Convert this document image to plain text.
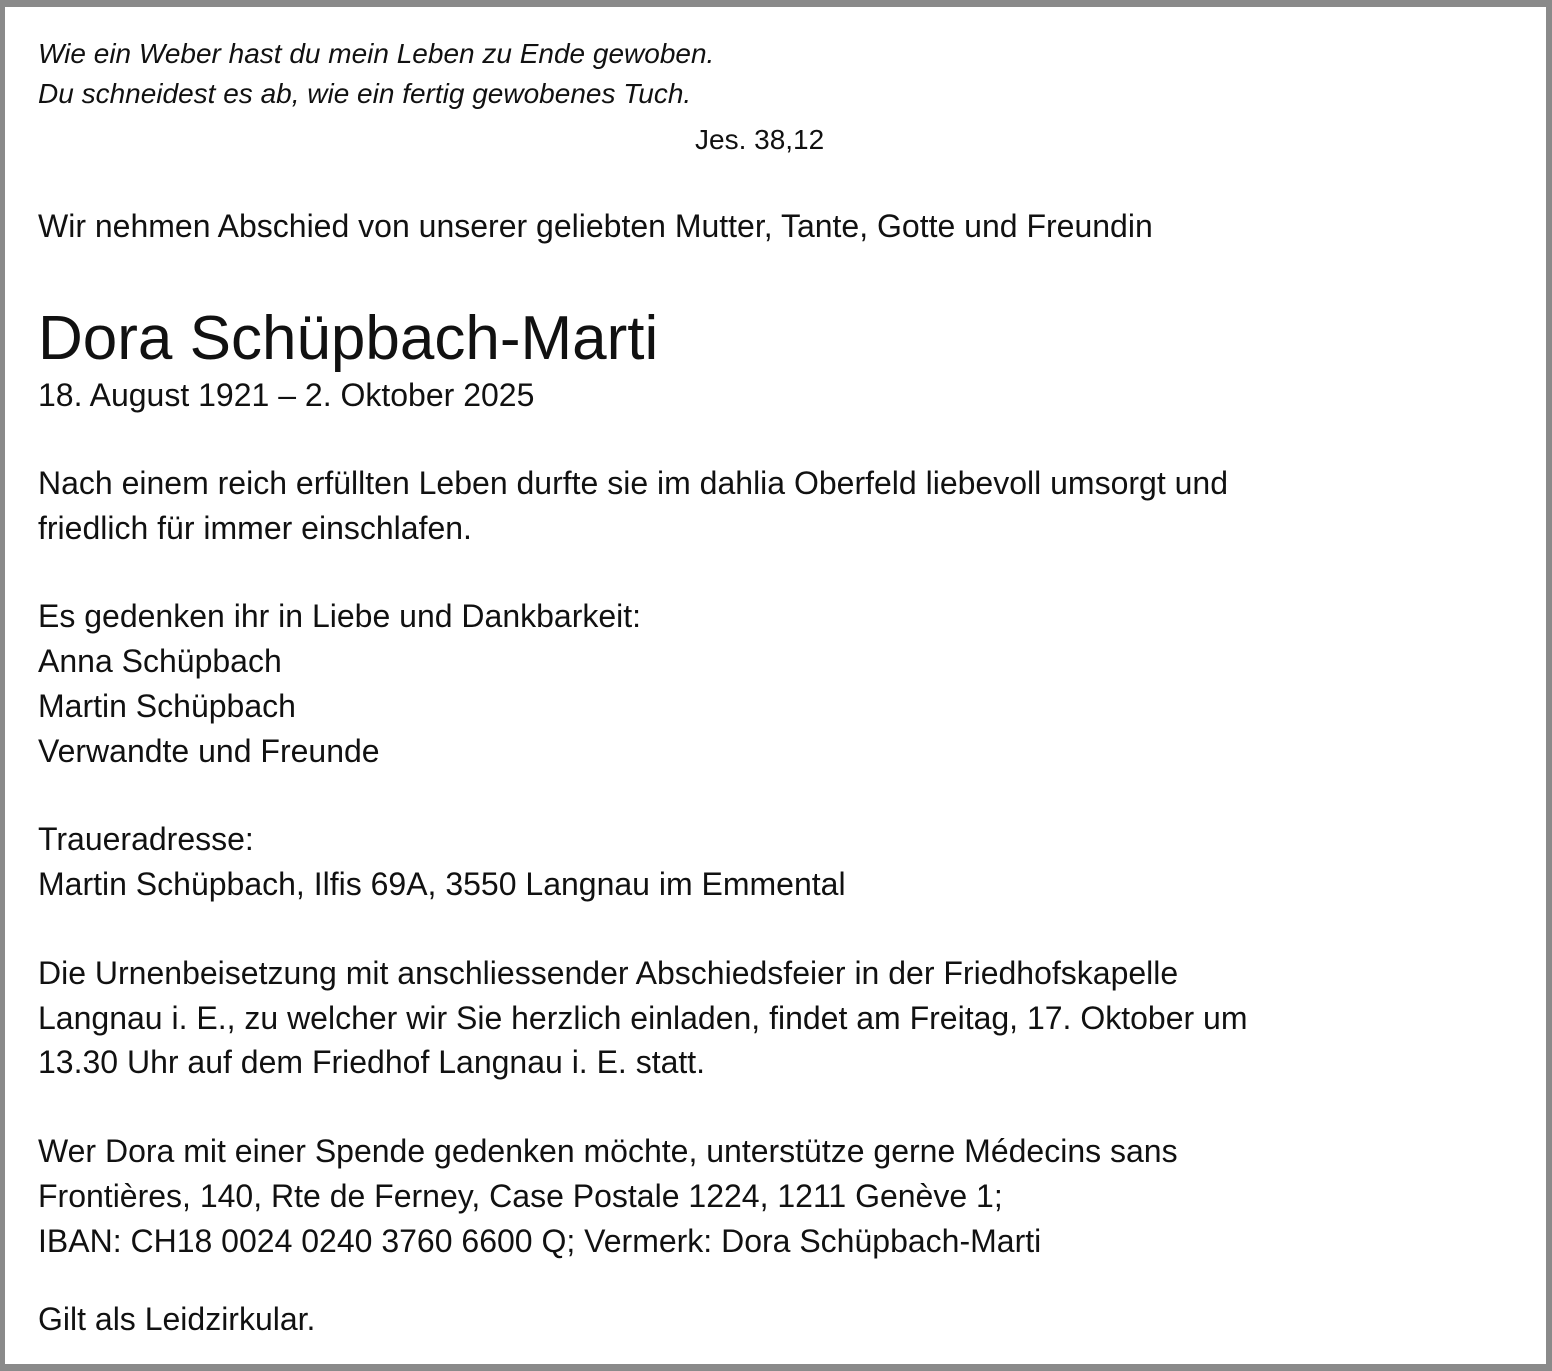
Wie ein Weber hast du mein Leben zu Ende gewoben.
Du schneidest es ab, wie ein fertig gewobenes Tuch.
Jes. 38,12
Wir nehmen Abschied von unserer geliebten Mutter, Tante, Gotte und Freundin
Dora Schüpbach-Marti
18. August 1921 – 2. Oktober 2025
Nach einem reich erfüllten Leben durfte sie im dahlia Oberfeld liebevoll umsorgt und
friedlich für immer einschlafen.
Es gedenken ihr in Liebe und Dankbarkeit:
Anna Schüpbach
Martin Schüpbach
Verwandte und Freunde
Traueradresse:
Martin Schüpbach, Ilfis 69A, 3550 Langnau im Emmental
Die Urnenbeisetzung mit anschliessender Abschiedsfeier in der Friedhofskapelle
Langnau i. E., zu welcher wir Sie herzlich einladen, findet am Freitag, 17. Oktober um
13.30 Uhr auf dem Friedhof Langnau i. E. statt.
Wer Dora mit einer Spende gedenken möchte, unterstütze gerne Médecins sans
Frontières, 140, Rte de Ferney, Case Postale 1224, 1211 Genève 1;
IBAN: CH18 0024 0240 3760 6600 Q; Vermerk: Dora Schüpbach-Marti
Gilt als Leidzirkular.
